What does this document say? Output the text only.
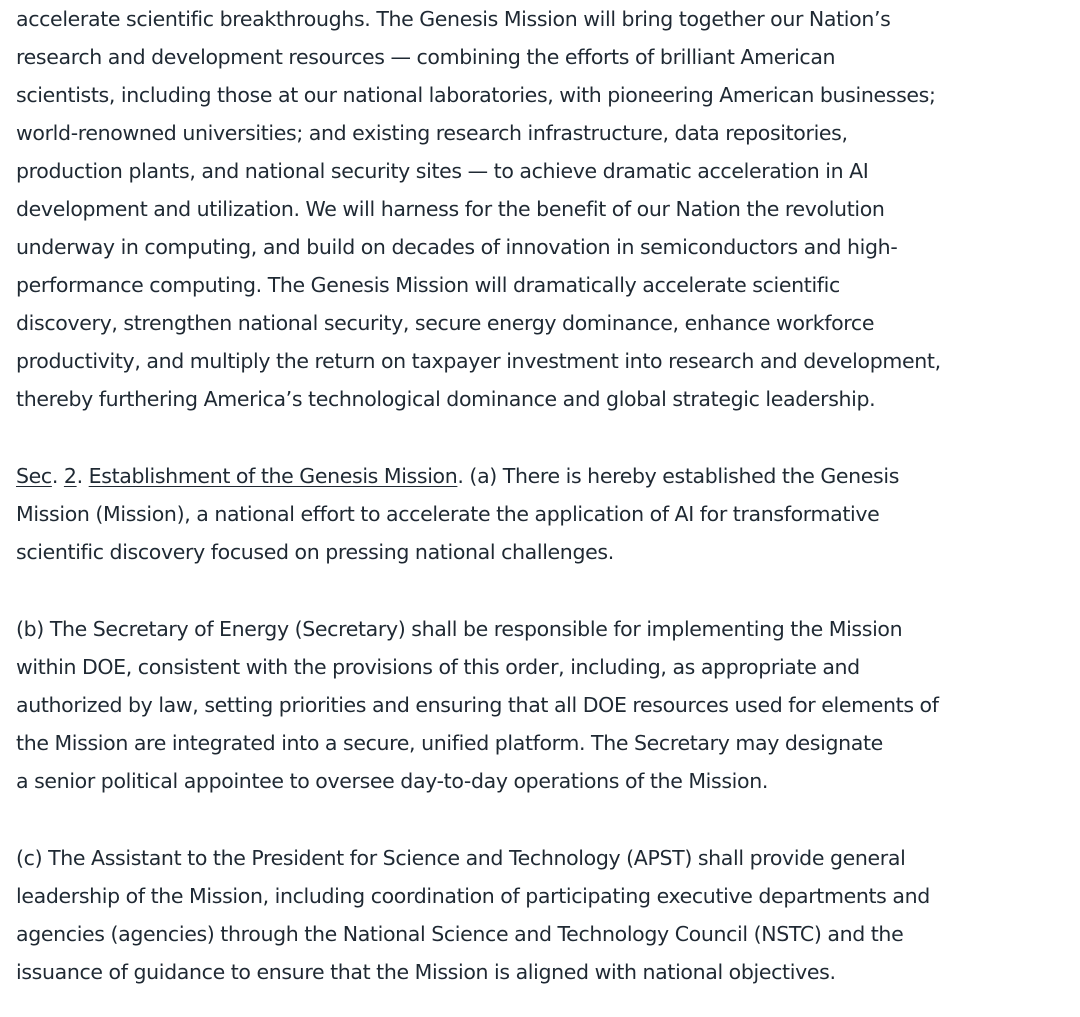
accelerate scientific breakthroughs. The Genesis Mission will bring together our Nation’s
research and development resources — combining the efforts of brilliant American
scientists, including those at our national laboratories, with pioneering American businesses;
world-renowned universities; and existing research infrastructure, data repositories,
production plants, and national security sites — to achieve dramatic acceleration in AI
development and utilization. We will harness for the benefit of our Nation the revolution
underway in computing, and build on decades of innovation in semiconductors and high-
performance computing. The Genesis Mission will dramatically accelerate scientific
discovery, strengthen national security, secure energy dominance, enhance workforce
productivity, and multiply the return on taxpayer investment into research and development,
thereby furthering America’s technological dominance and global strategic leadership.

Sec. 2. Establishment of the Genesis Mission. (a) There is hereby established the Genesis
Mission (Mission), a national effort to accelerate the application of AI for transformative
scientific discovery focused on pressing national challenges.

(b) The Secretary of Energy (Secretary) shall be responsible for implementing the Mission
within DOE, consistent with the provisions of this order, including, as appropriate and
authorized by law, setting priorities and ensuring that all DOE resources used for elements of
the Mission are integrated into a secure, unified platform. The Secretary may designate
a senior political appointee to oversee day-to-day operations of the Mission.

(c) The Assistant to the President for Science and Technology (APST) shall provide general
leadership of the Mission, including coordination of participating executive departments and
agencies (agencies) through the National Science and Technology Council (NSTC) and the
issuance of guidance to ensure that the Mission is aligned with national objectives.
